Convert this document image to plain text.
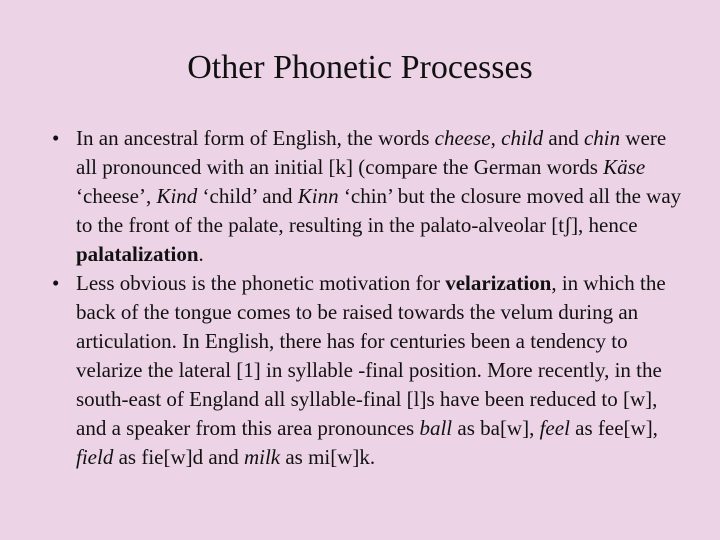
Other Phonetic Processes
• In an ancestral form of English, the words cheese, child and chin were all pronounced with an initial [k] (compare the German words Käse ‘cheese’, Kind ‘child’ and Kinn ‘chin’ but the closure moved all the way to the front of the palate, resulting in the palato-alveolar [tʃ], hence palatalization.
• Less obvious is the phonetic motivation for velarization, in which the back of the tongue comes to be raised towards the velum during an articulation. In English, there has for centuries been a tendency to velarize the lateral [1] in syllable -final position. More recently, in the south-east of England all syllable-final [l]s have been reduced to [w], and a speaker from this area pronounces ball as ba[w], feel as fee[w], field as fie[w]d and milk as mi[w]k.
